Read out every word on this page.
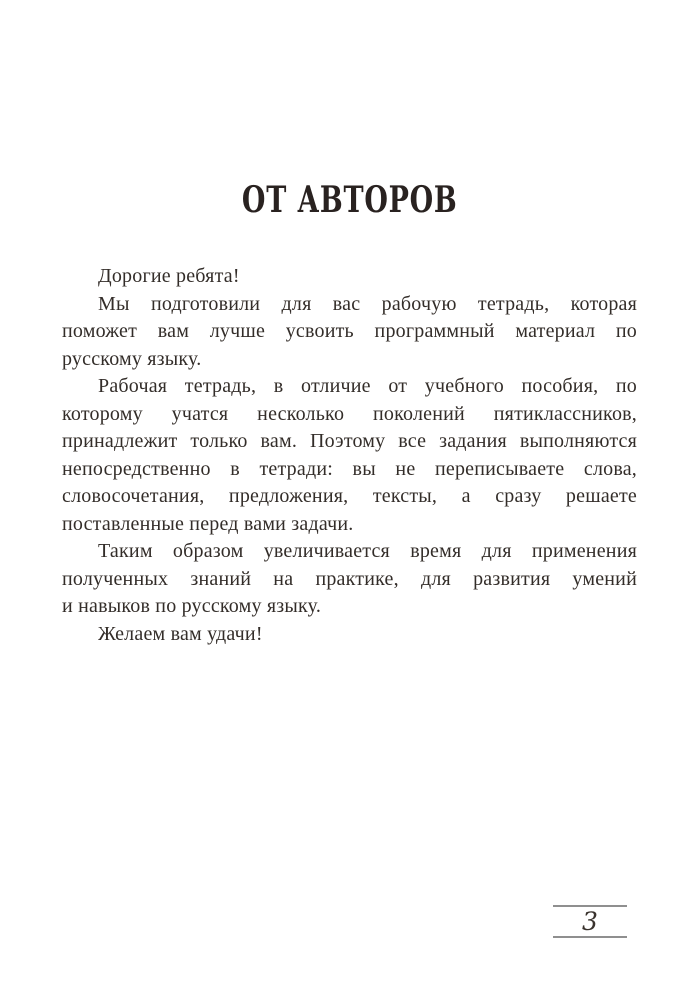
ОТ АВТОРОВ
Дорогие ребята!
Мы подготовили для вас рабочую тетрадь, которая
поможет вам лучше усвоить программный материал по
русскому языку.
Рабочая тетрадь, в отличие от учебного пособия, по
которому учатся несколько поколений пятиклассников,
принадлежит только вам. Поэтому все задания выполняются
непосредственно в тетради: вы не переписываете слова,
словосочетания, предложения, тексты, а сразу решаете
поставленные перед вами задачи.
Таким образом увеличивается время для применения
полученных знаний на практике, для развития умений
и навыков по русскому языку.
Желаем вам удачи!
3
